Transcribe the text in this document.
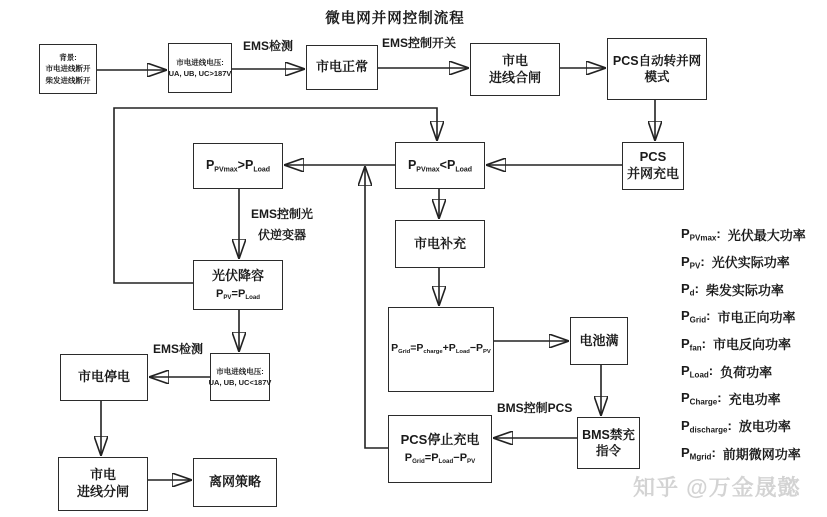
微电网并网控制流程
背景:
市电进线断开
柴发进线断开
市电进线电压:
UA, UB, UC>187V	市电正常	市电
进线合闸
PCS自动转并网
模式
PCS
并网充电
$P_{PVmax}<P_{Load}$
$P_{PVmax}>P_{Load}$
市电补充
$P_{Grid}=P_{charge}+P_{Load}-P_{PV}$
电池满
BMS禁充
指令
PCS停止充电
$P_{Grid}=P_{Load}-P_{PV}$
光伏降容
$P_{PV}=P_{Load}$
市电进线电压:
UA, UB, UC<187V
市电停电
市电
进线分闸
离网策略
EMS检测	EMS控制开关
EMS控制光
伏逆变器
EMS检测
BMS控制PCS
$P_{PVmax}$: 光伏最大功率
$P_{PV}$: 光伏实际功率
$P_d$: 柴发实际功率
$P_{Grid}$: 市电正向功率
$P_{fan}$: 市电反向功率
$P_{Load}$: 负荷功率
$P_{Charge}$: 充电功率
$P_{discharge}$: 放电功率
$P_{Mgrid}$: 前期微网功率
知乎 @万金晟懿
